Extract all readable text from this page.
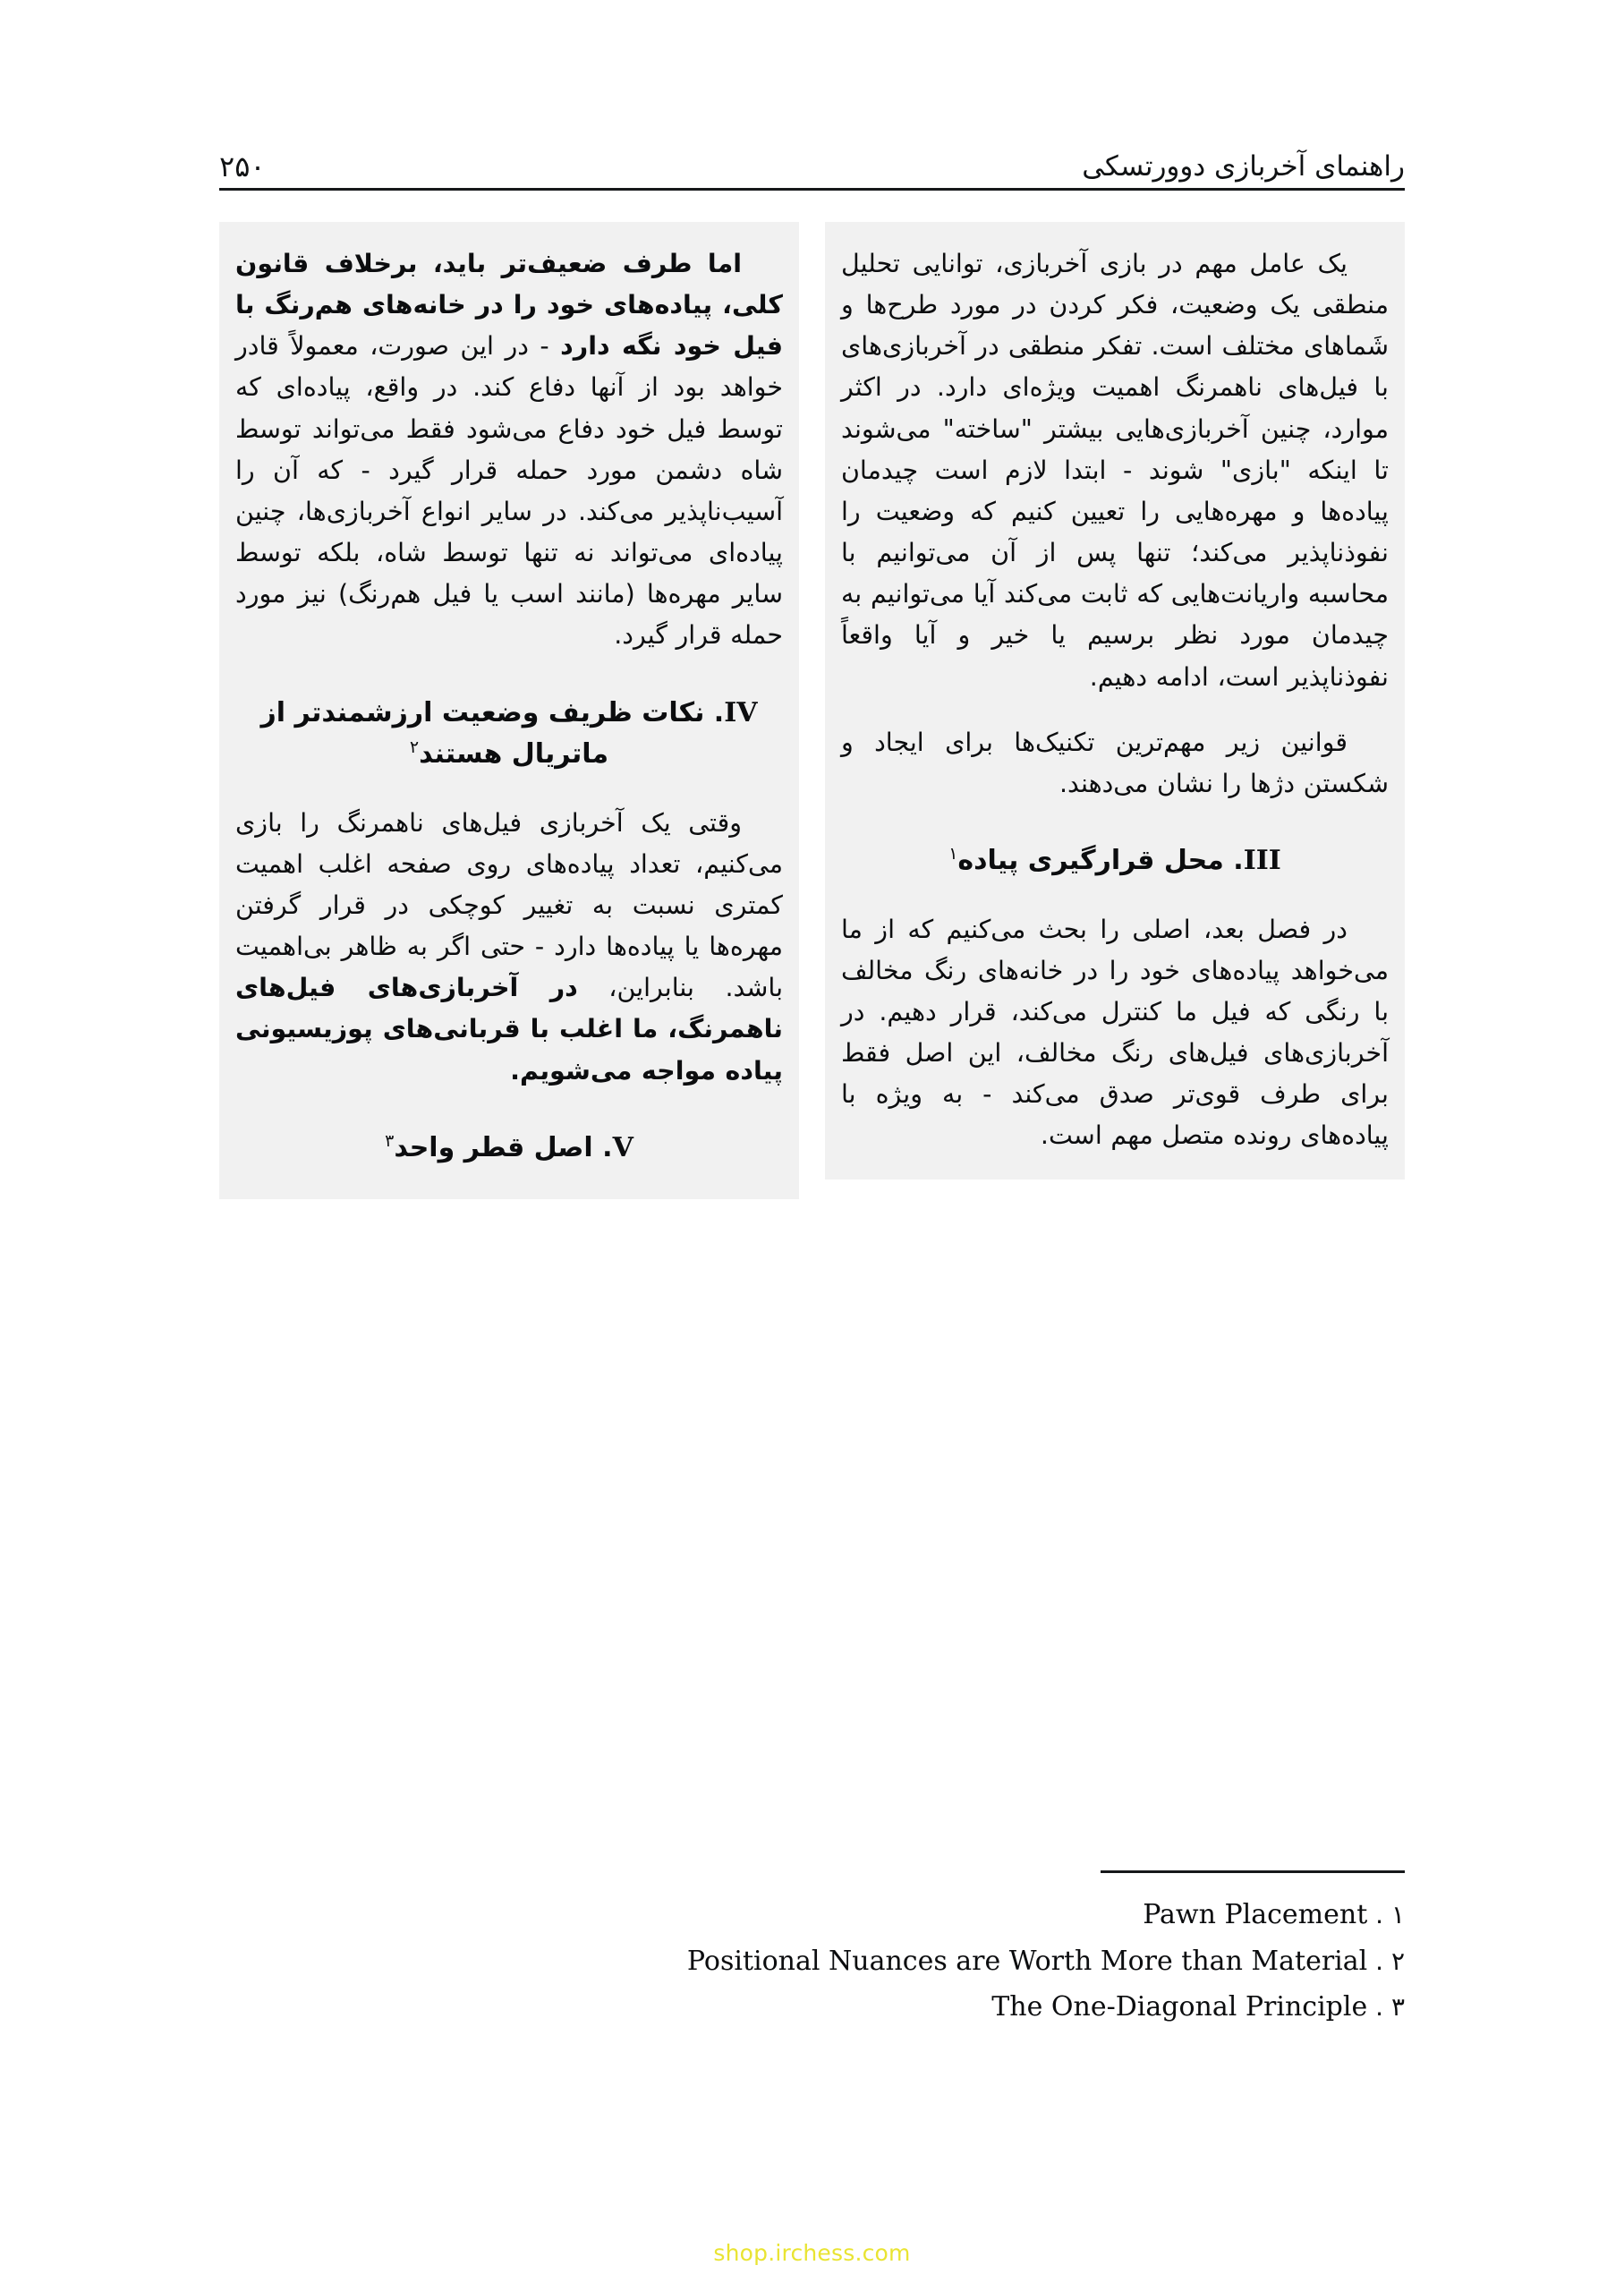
راهنمای آخربازی دوورتسکی
۲۵۰

یک عامل مهم در بازی آخربازی، توانایی تحلیل منطقی یک وضعیت، فکر کردن در مورد طرح‌ها و شَماهای مختلف است. تفکر منطقی در آخربازی‌های با فیل‌های ناهمرنگ اهمیت ویژه‌ای دارد. در اکثر موارد، چنین آخربازی‌هایی بیشتر "ساخته" می‌شوند تا اینکه "بازی" شوند - ابتدا لازم است چیدمان پیاده‌ها و مهره‌هایی را تعیین کنیم که وضعیت را نفوذناپذیر می‌کند؛ تنها پس از آن می‌توانیم با محاسبه واریانت‌هایی که ثابت می‌کند آیا می‌توانیم به چیدمان مورد نظر برسیم یا خیر و آیا واقعاً نفوذناپذیر است، ادامه دهیم.

قوانین زیر مهم‌ترین تکنیک‌ها برای ایجاد و شکستن دژها را نشان می‌دهند.

III. محل قرارگیری پیاده$^۱$

در فصل بعد، اصلی را بحث می‌کنیم که از ما می‌خواهد پیاده‌های خود را در خانه‌های رنگ مخالف با رنگی که فیل ما کنترل می‌کند، قرار دهیم. در آخربازی‌های فیل‌های رنگ مخالف، این اصل فقط برای طرف قوی‌تر صدق می‌کند - به ویژه با پیاده‌های رونده متصل مهم است.

اما طرف ضعیف‌تر باید، برخلاف قانون کلی، پیاده‌های خود را در خانه‌های هم‌رنگ با فیل خود نگه دارد - در این صورت، معمولاً قادر خواهد بود از آنها دفاع کند. در واقع، پیاده‌ای که توسط فیل خود دفاع می‌شود فقط می‌تواند توسط شاه دشمن مورد حمله قرار گیرد - که آن را آسیب‌ناپذیر می‌کند. در سایر انواع آخربازی‌ها، چنین پیاده‌ای می‌تواند نه تنها توسط شاه، بلکه توسط سایر مهره‌ها (مانند اسب یا فیل هم‌رنگ) نیز مورد حمله قرار گیرد.

IV. نکات ظریف وضعیت ارزشمندتر از ماتریال هستند$^۲$

وقتی یک آخربازی فیل‌های ناهمرنگ را بازی می‌کنیم، تعداد پیاده‌های روی صفحه اغلب اهمیت کمتری نسبت به تغییر کوچکی در قرار گرفتن مهره‌ها یا پیاده‌ها دارد - حتی اگر به ظاهر بی‌اهمیت باشد. بنابراین، در آخربازی‌های فیل‌های ناهمرنگ، ما اغلب با قربانی‌های پوزیسیونی پیاده مواجه می‌شویم.

V. اصل قطر واحد$^۳$

۱ . Pawn Placement

۲ . Positional Nuances are Worth More than Material

۳ . The One-Diagonal Principle

shop.irchess.com
